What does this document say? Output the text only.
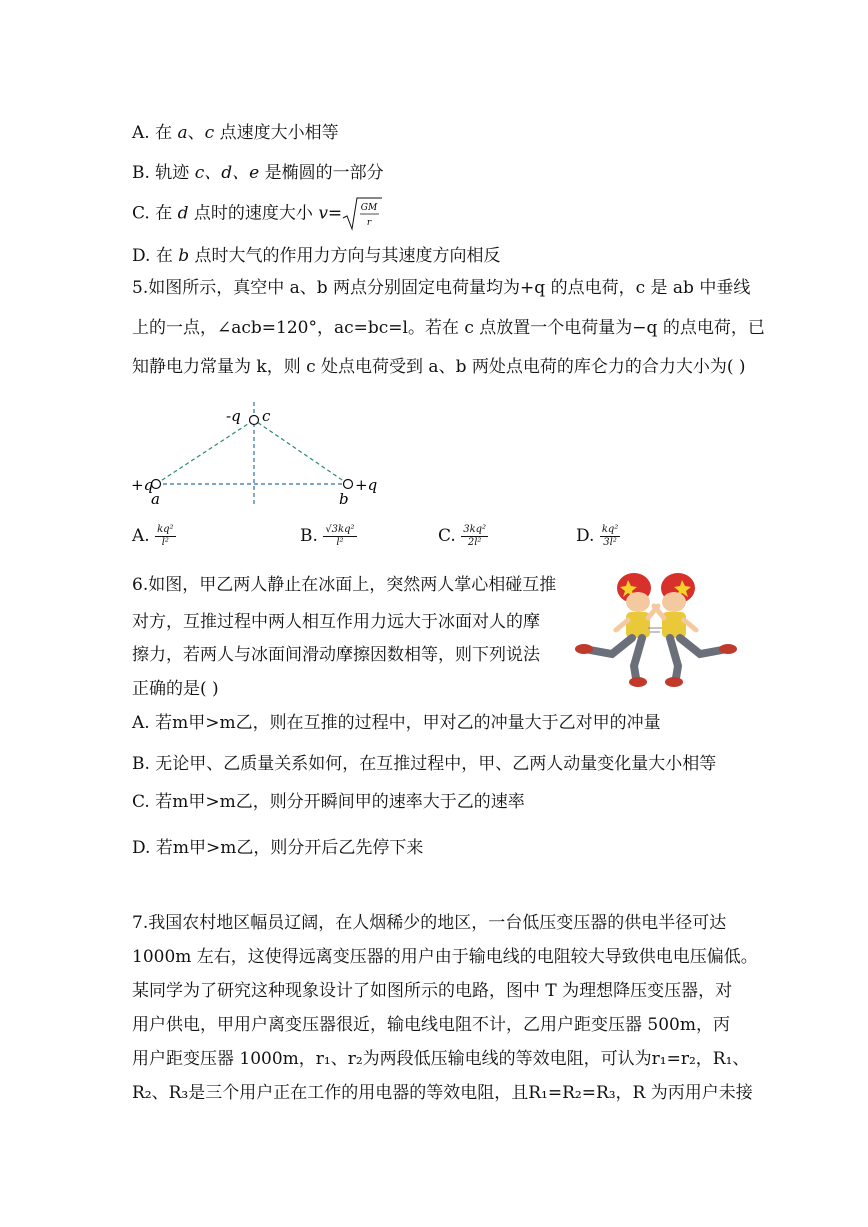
A. 在 a、c 点速度大小相等
B. 轨迹 c、d、e 是椭圆的一部分
C. 在 d 点时的速度大小 v= GM
r
D. 在 b 点时大气的作用力方向与其速度方向相反
5.如图所示，真空中 a、b 两点分别固定电荷量均为+q 的点电荷，c 是 ab 中垂线
上的一点，∠acb=120°，ac=bc=l。若在 c 点放置一个电荷量为−q 的点电荷，已
知静电力常量为 k，则 c 处点电荷受到 a、b 两处点电荷的库仑力的合力大小为( )
-q c
+q
a	b
+q
A. $\frac{\text{kq²}}{\text{l²}}$	B. $\frac{\text{√3kq²}}{\text{l²}}$	C. $\frac{\text{3kq²}}{\text{2l²}}$	D. $\frac{\text{kq²}}{\text{3l²}}$
6.如图，甲乙两人静止在冰面上，突然两人掌心相碰互推
对方，互推过程中两人相互作用力远大于冰面对人的摩
擦力，若两人与冰面间滑动摩擦因数相等，则下列说法
正确的是( )
A. 若m甲>m乙，则在互推的过程中，甲对乙的冲量大于乙对甲的冲量
B. 无论甲、乙质量关系如何，在互推过程中，甲、乙两人动量变化量大小相等
C. 若m甲>m乙，则分开瞬间甲的速率大于乙的速率
D. 若m甲>m乙，则分开后乙先停下来
7.我国农村地区幅员辽阔，在人烟稀少的地区，一台低压变压器的供电半径可达
1000m 左右，这使得远离变压器的用户由于输电线的电阻较大导致供电电压偏低。
某同学为了研究这种现象设计了如图所示的电路，图中 T 为理想降压变压器，对
用户供电，甲用户离变压器很近，输电线电阻不计，乙用户距变压器 500m，丙
用户距变压器 1000m，r₁、r₂为两段低压输电线的等效电阻，可认为r₁=r₂，R₁、
R₂、R₃是三个用户正在工作的用电器的等效电阻，且R₁=R₂=R₃，R 为丙用户未接
